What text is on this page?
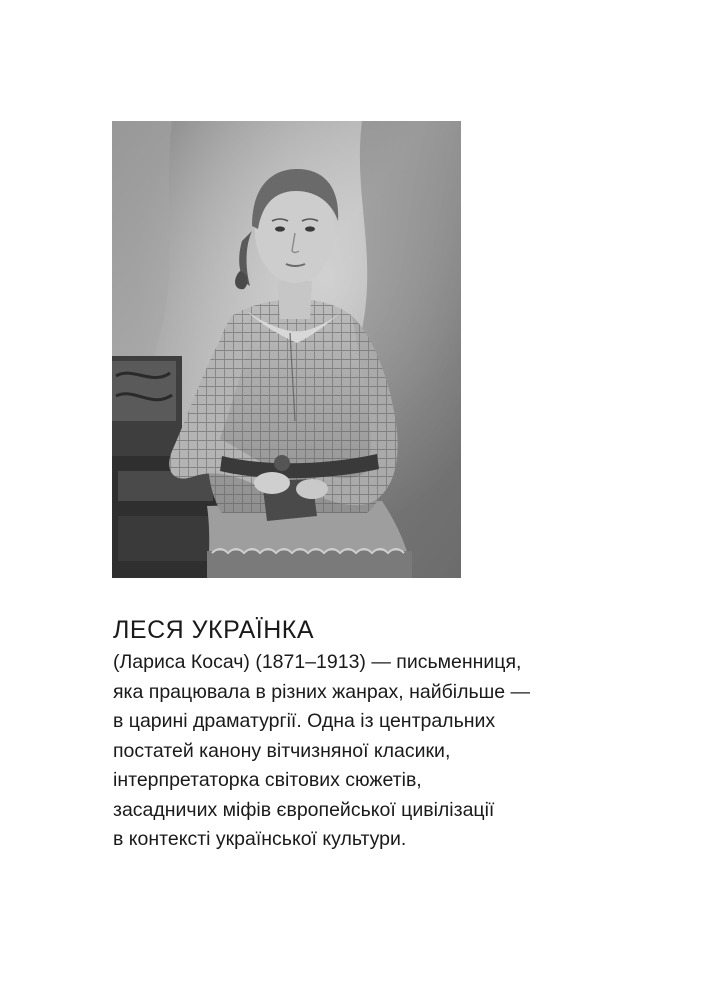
ЛЕСЯ УКРАЇНКА

(Лариса Косач) (1871–1913) — письменниця,
яка працювала в різних жанрах, найбільше —
в царині драматургії. Одна із центральних
постатей канону вітчизняної класики,
інтерпретаторка світових сюжетів,
засадничих міфів європейської цивілізації
в контексті української культури.
